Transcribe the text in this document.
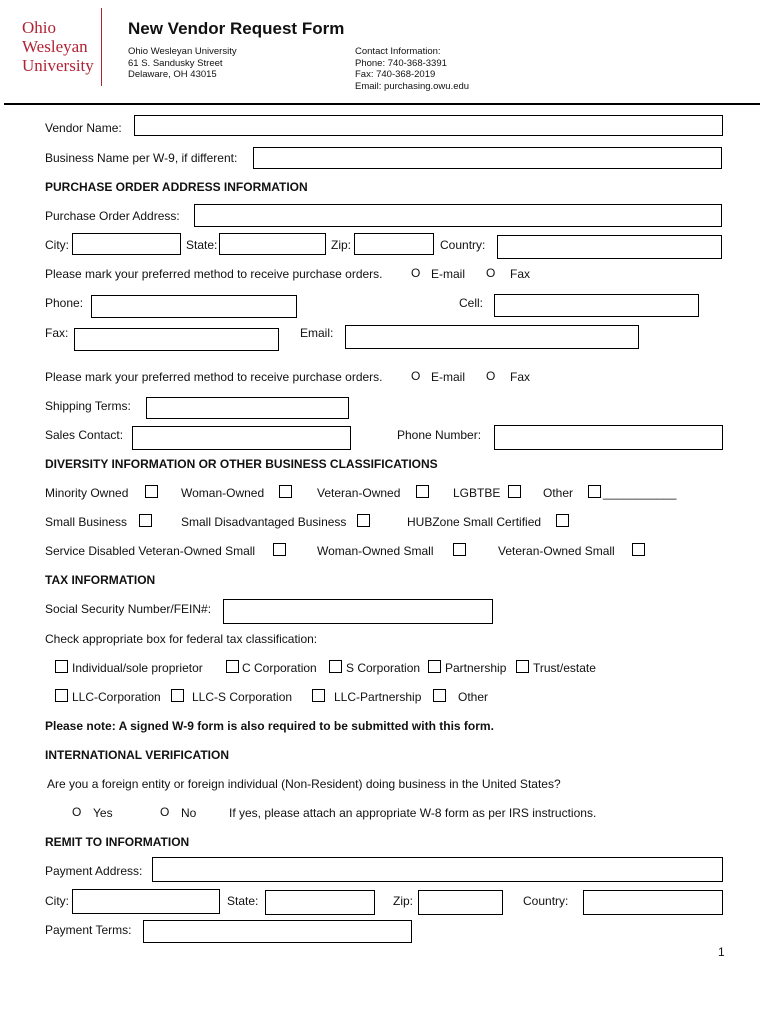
Ohio
Wesleyan
University
New Vendor Request Form
Ohio Wesleyan University
61 S. Sandusky Street
Delaware, OH 43015
Contact Information:
Phone: 740-368-3391
Fax: 740-368-2019
Email: purchasing.owu.edu
Vendor Name:
Business Name per W-9, if different:
PURCHASE ORDER ADDRESS INFORMATION
Purchase Order Address:
City:	State:	Zip:	Country:
Please mark your preferred method to receive purchase orders. O E-mail O Fax
Phone:	Cell:
Fax:	Email:
Please mark your preferred method to receive purchase orders. O E-mail O Fax
Shipping Terms:
Sales Contact:	Phone Number:
DIVERSITY INFORMATION OR OTHER BUSINESS CLASSIFICATIONS
Minority Owned	Woman-Owned	Veteran-Owned	LGBTBE	Other ___________
Small Business	Small Disadvantaged Business	HUBZone Small Certified
Service Disabled Veteran-Owned Small	Woman-Owned Small	Veteran-Owned Small
TAX INFORMATION
Social Security Number/FEIN#:
Check appropriate box for federal tax classification:
Individual/sole proprietor	C Corporation S Corporation Partnership Trust/estate
LLC-Corporation	LLC-S Corporation	LLC-Partnership	Other
Please note: A signed W-9 form is also required to be submitted with this form.
INTERNATIONAL VERIFICATION
Are you a foreign entity or foreign individual (Non-Resident) doing business in the United States?
O Yes	O No	If yes, please attach an appropriate W-8 form as per IRS instructions.
REMIT TO INFORMATION
Payment Address:
City:	State:	Zip:	Country:
Payment Terms:
1
